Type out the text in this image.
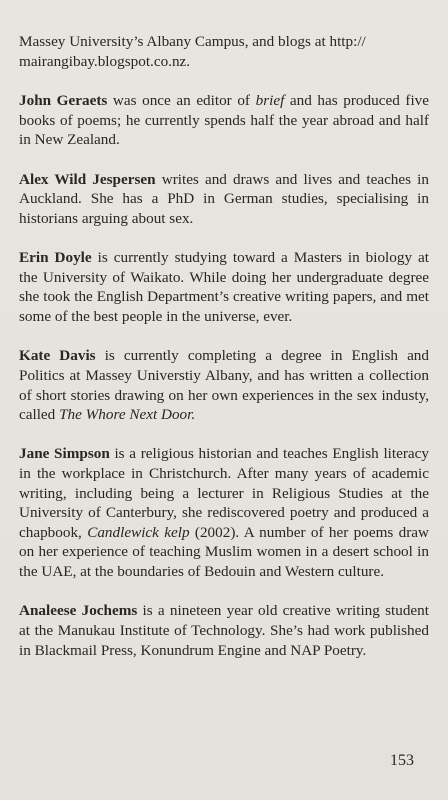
Massey University’s Albany Campus, and blogs at http://
mairangibay.blogspot.co.nz.

John Geraets was once an editor of brief and has produced five books of poems; he currently spends half the year abroad and half in New Zealand.

Alex Wild Jespersen writes and draws and lives and teaches in Auckland. She has a PhD in German studies, specialising in historians arguing about sex.

Erin Doyle is currently studying toward a Masters in biology at the University of Waikato. While doing her undergraduate degree she took the English Department’s creative writing papers, and met some of the best people in the universe, ever.

Kate Davis is currently completing a degree in English and Politics at Massey Universtiy Albany, and has written a collection of short stories drawing on her own experiences in the sex industy, called The Whore Next Door.

Jane Simpson is a religious historian and teaches English literacy in the workplace in Christchurch. After many years of academic writing, including being a lecturer in Religious Studies at the University of Canterbury, she rediscovered poetry and produced a chapbook, Candlewick kelp (2002). A number of her poems draw on her experience of teaching Muslim women in a desert school in the UAE, at the boundaries of Bedouin and Western culture.

Analeese Jochems is a nineteen year old creative writing student at the Manukau Institute of Technology. She’s had work published in Blackmail Press, Konundrum Engine and NAP Poetry.

153
